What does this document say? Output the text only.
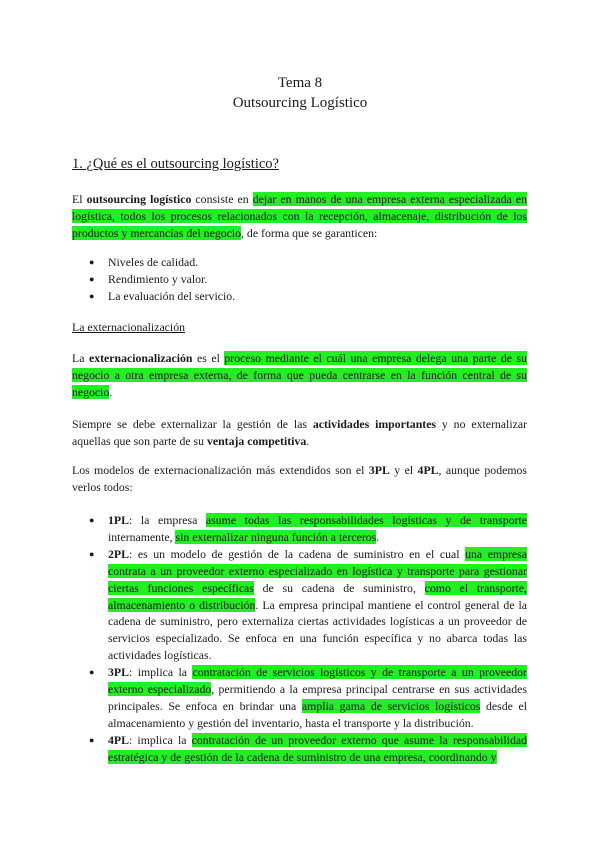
Tema 8
Outsourcing Logístico
1. ¿Qué es el outsourcing logístico?
El outsourcing logístico consiste en dejar en manos de una empresa externa especializada en logística, todos los procesos relacionados con la recepción, almacenaje, distribución de los productos y mercancías del negocio, de forma que se garanticen:
● Niveles de calidad.
● Rendimiento y valor.
● La evaluación del servicio.
La externacionalización
La externacionalización es el proceso mediante el cuál una empresa delega una parte de su negocio a otra empresa externa, de forma que pueda centrarse en la función central de su negocio.
Siempre se debe externalizar la gestión de las actividades importantes y no externalizar aquellas que son parte de su ventaja competitiva.
Los modelos de externacionalización más extendidos son el 3PL y el 4PL, aunque podemos verlos todos:
● 1PL: la empresa asume todas las responsabilidades logísticas y de transporte internamente, sin externalizar ninguna función a terceros.
● 2PL: es un modelo de gestión de la cadena de suministro en el cual una empresa contrata a un proveedor externo especializado en logística y transporte para gestionar ciertas funciones específicas de su cadena de suministro, como el transporte, almacenamiento o distribución. La empresa principal mantiene el control general de la cadena de suministro, pero externaliza ciertas actividades logísticas a un proveedor de servicios especializado. Se enfoca en una función específica y no abarca todas las actividades logísticas.
● 3PL: implica la contratación de servicios logísticos y de transporte a un proveedor externo especializado, permitiendo a la empresa principal centrarse en sus actividades principales. Se enfoca en brindar una amplia gama de servicios logísticos desde el almacenamiento y gestión del inventario, hasta el transporte y la distribución.
● 4PL: implica la contratación de un proveedor externo que asume la responsabilidad estratégica y de gestión de la cadena de suministro de una empresa, coordinando y
